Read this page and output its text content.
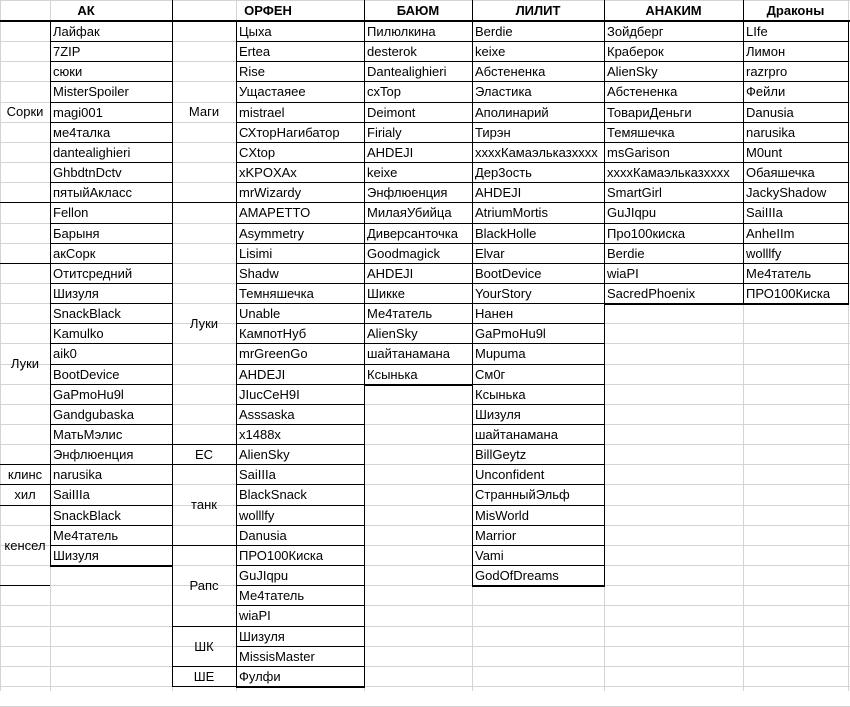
АК
Лайфак
7ZIP
сюки
MisterSpoiler
magi001
ме4талка
dantealighieri
GhbdtnDctv
пятыйАкласс
Fellon
Барыня
акСорк
Отитсредний
Шизуля
SnackBlack
Kamulko
aik0
BootDevice
GaPmoHu9l
Gandgubaska
МатьМэлис
Энфлюенция
narusika
SaiIIIa
SnackBlack
Ме4татель
Шизуля
Сорки
Луки
клинс
хил
кенсел
ОРФЕН
Цыха
Ertea
Rise
Ущастаяее
mistrael
СХторНагибатор
CXtop
xKPOXAx
mrWizardy
AMAPETTO
Asymmetry
Lisimi
Shadw
Темняшечка
Unable
КампотНуб
mrGreenGo
AHDEJI
JIucCeH9I
Asssaska
x1488x
AlienSky
SaiIIIa
BlackSnack
wolllfy
Danusia
ПРО100Киска
GuJIqpu
Ме4татель
wiaPI
Шизуля
MissisMaster
Фулфи
Маги
Луки
ЕС
танк
Рапс
ШК
ШЕ
БАЮМ
Пилюлкина
desterok
Dantealighieri
cxTop
Deimont
Firialy
AHDEJI
keixe
Энфлюенция
МилаяУбийца
Диверсанточка
Goodmagick
AHDEJI
Шикке
Ме4татель
AlienSky
шайтанамана
Ксынька
ЛИЛИТ
Berdie
keixe
Абстененка
Эластика
Аполинарий
Тирэн
xxxxКамаэльказхххх
Дер3ость
AHDEJI
AtriumMortis
BlackHolle
Elvar
BootDevice
YourStory
Нанен
GaPmoHu9l
Mupuma
Cм0г
Ксынька
Шизуля
шайтанамана
BillGeytz
Unconfident
СтранныйЭльф
MisWorld
Marrior
Vami
GodOfDreams
АНАКИМ
Зойдберг
Краберок
AlienSky
Абстененка
ТовариДеньги
Темяшечка
msGarison
xxxxКамаэльказхххх
SmartGirl
GuJIqpu
Про100киска
Berdie
wiaPI
SacredPhoenix
Драконы
LIfe
Лимон
razrpro
Фейли
Danusia
narusika
M0unt
Обаяшечка
JackyShadow
SaiIIIa
AnheIIm
wolllfy
Ме4татель
ПРО100Киска
